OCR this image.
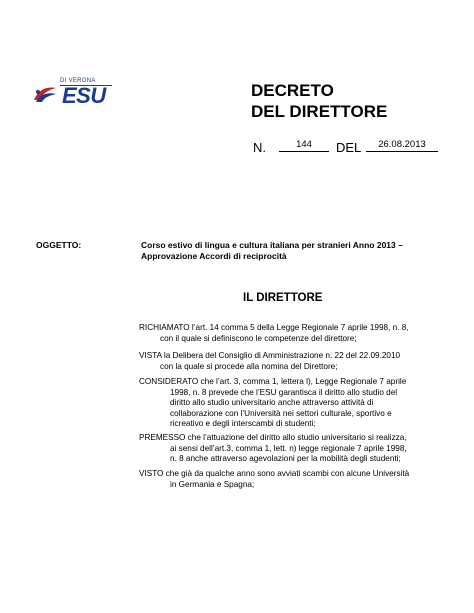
DI VERONA
ESU	DECRETO
DEL DIRETTORE
N.	144	DEL	26.08.2013
OGGETTO:	Corso estivo di lingua e cultura italiana per stranieri Anno 2013 –
Approvazione Accordi di reciprocità
IL DIRETTORE
RICHIAMATO l’art. 14 comma 5 della Legge Regionale 7 aprile 1998, n. 8,
con il quale si definiscono le competenze del direttore;
VISTA la Delibera del Consiglio di Amministrazione n. 22 del 22.09.2010
con la quale si procede alla nomina del Direttore;
CONSIDERATO che l’art. 3, comma 1, lettera l), Legge Regionale 7 aprile
1998, n. 8 prevede che l’ESU garantisca il diritto allo studio del
diritto allo studio universitario anche attraverso attività di
collaborazione con l’Università nei settori culturale, sportivo e
ricreativo e degli interscambi di studenti;
PREMESSO che l’attuazione del diritto allo studio universitario si realizza,
ai sensi dell’art.3, comma 1, lett. n) legge regionale 7 aprile 1998,
n. 8 anche attraverso agevolazioni per la mobilità degli studenti;
VISTO che già da qualche anno sono avviati scambi con alcune Università
in Germania e Spagna;
